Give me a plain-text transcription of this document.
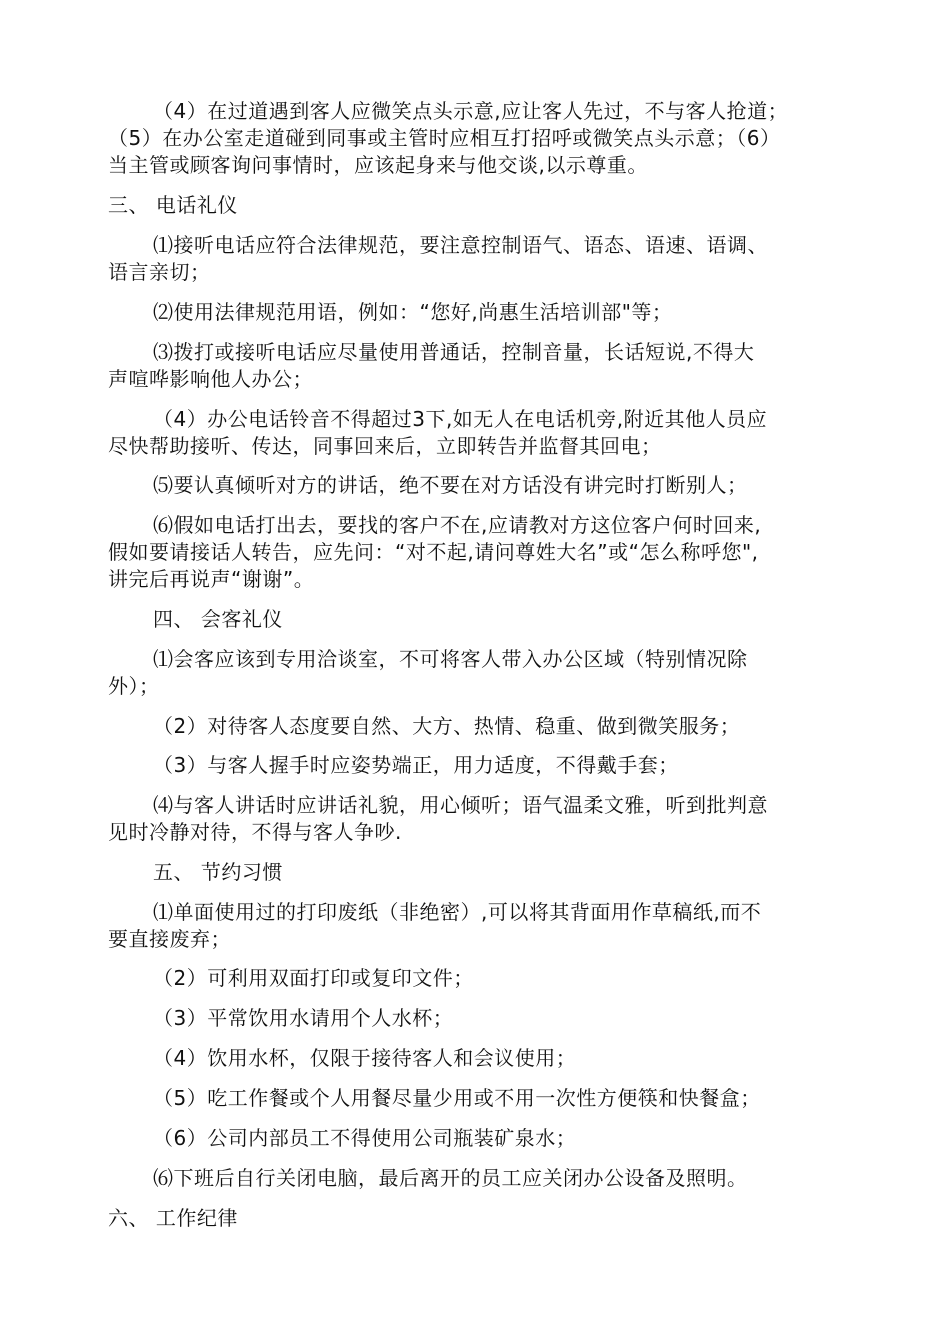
（4）在过道遇到客人应微笑点头示意,应让客人先过，不与客人抢道；
（5）在办公室走道碰到同事或主管时应相互打招呼或微笑点头示意；（6）
当主管或顾客询问事情时，应该起身来与他交谈,以示尊重。
三、 电话礼仪
⑴接听电话应符合法律规范，要注意控制语气、语态、语速、语调、
语言亲切；
⑵使用法律规范用语，例如：“您好,尚惠生活培训部"等；
⑶拨打或接听电话应尽量使用普通话，控制音量，长话短说,不得大
声喧哗影响他人办公；
（4）办公电话铃音不得超过3下,如无人在电话机旁,附近其他人员应
尽快帮助接听、传达，同事回来后，立即转告并监督其回电；
⑸要认真倾听对方的讲话，绝不要在对方话没有讲完时打断别人；
⑹假如电话打出去，要找的客户不在,应请教对方这位客户何时回来,
假如要请接话人转告，应先问：“对不起,请问尊姓大名”或“怎么称呼您",
讲完后再说声“谢谢”。
四、 会客礼仪
⑴会客应该到专用洽谈室，不可将客人带入办公区域（特别情况除
外）；
（2）对待客人态度要自然、大方、热情、稳重、做到微笑服务；
（3）与客人握手时应姿势端正，用力适度，不得戴手套；
⑷与客人讲话时应讲话礼貌，用心倾听；语气温柔文雅，听到批判意
见时冷静对待，不得与客人争吵.
五、 节约习惯
⑴单面使用过的打印废纸（非绝密）,可以将其背面用作草稿纸,而不
要直接废弃；
（2）可利用双面打印或复印文件；
（3）平常饮用水请用个人水杯；
（4）饮用水杯，仅限于接待客人和会议使用；
（5）吃工作餐或个人用餐尽量少用或不用一次性方便筷和快餐盒；
（6）公司内部员工不得使用公司瓶装矿泉水；
⑹下班后自行关闭电脑，最后离开的员工应关闭办公设备及照明。
六、 工作纪律
